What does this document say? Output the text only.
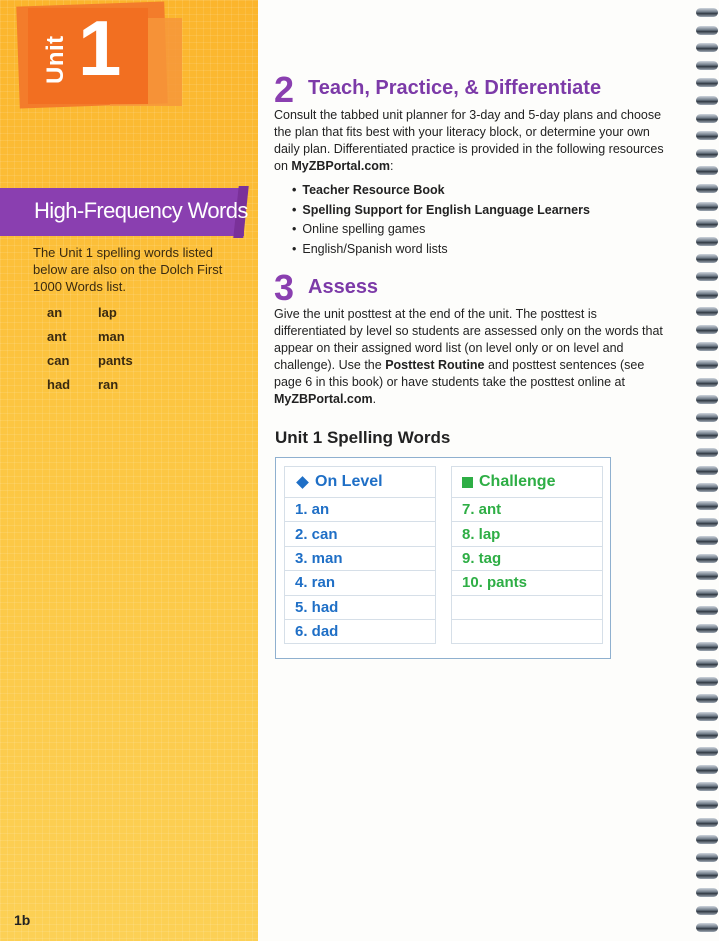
Unit 1
High-Frequency Words
The Unit 1 spelling words listed below are also on the Dolch First 1000 Words list.
an
ant
can
had
lap
man
pants
ran
1b
2 Teach, Practice, & Differentiate
Consult the tabbed unit planner for 3-day and 5-day plans and choose the plan that fits best with your literacy block, or determine your own daily plan. Differentiated practice is provided in the following resources on MyZBPortal.com:
• Teacher Resource Book
• Spelling Support for English Language Learners
• Online spelling games
• English/Spanish word lists
3 Assess
Give the unit posttest at the end of the unit. The posttest is differentiated by level so students are assessed only on the words that appear on their assigned word list (on level only or on level and challenge). Use the Posttest Routine and posttest sentences (see page 6 in this book) or have students take the posttest online at MyZBPortal.com.
Unit 1 Spelling Words
On Level
1. an
2. can
3. man
4. ran
5. had
6. dad
Challenge
7. ant
8. lap
9. tag
10. pants
